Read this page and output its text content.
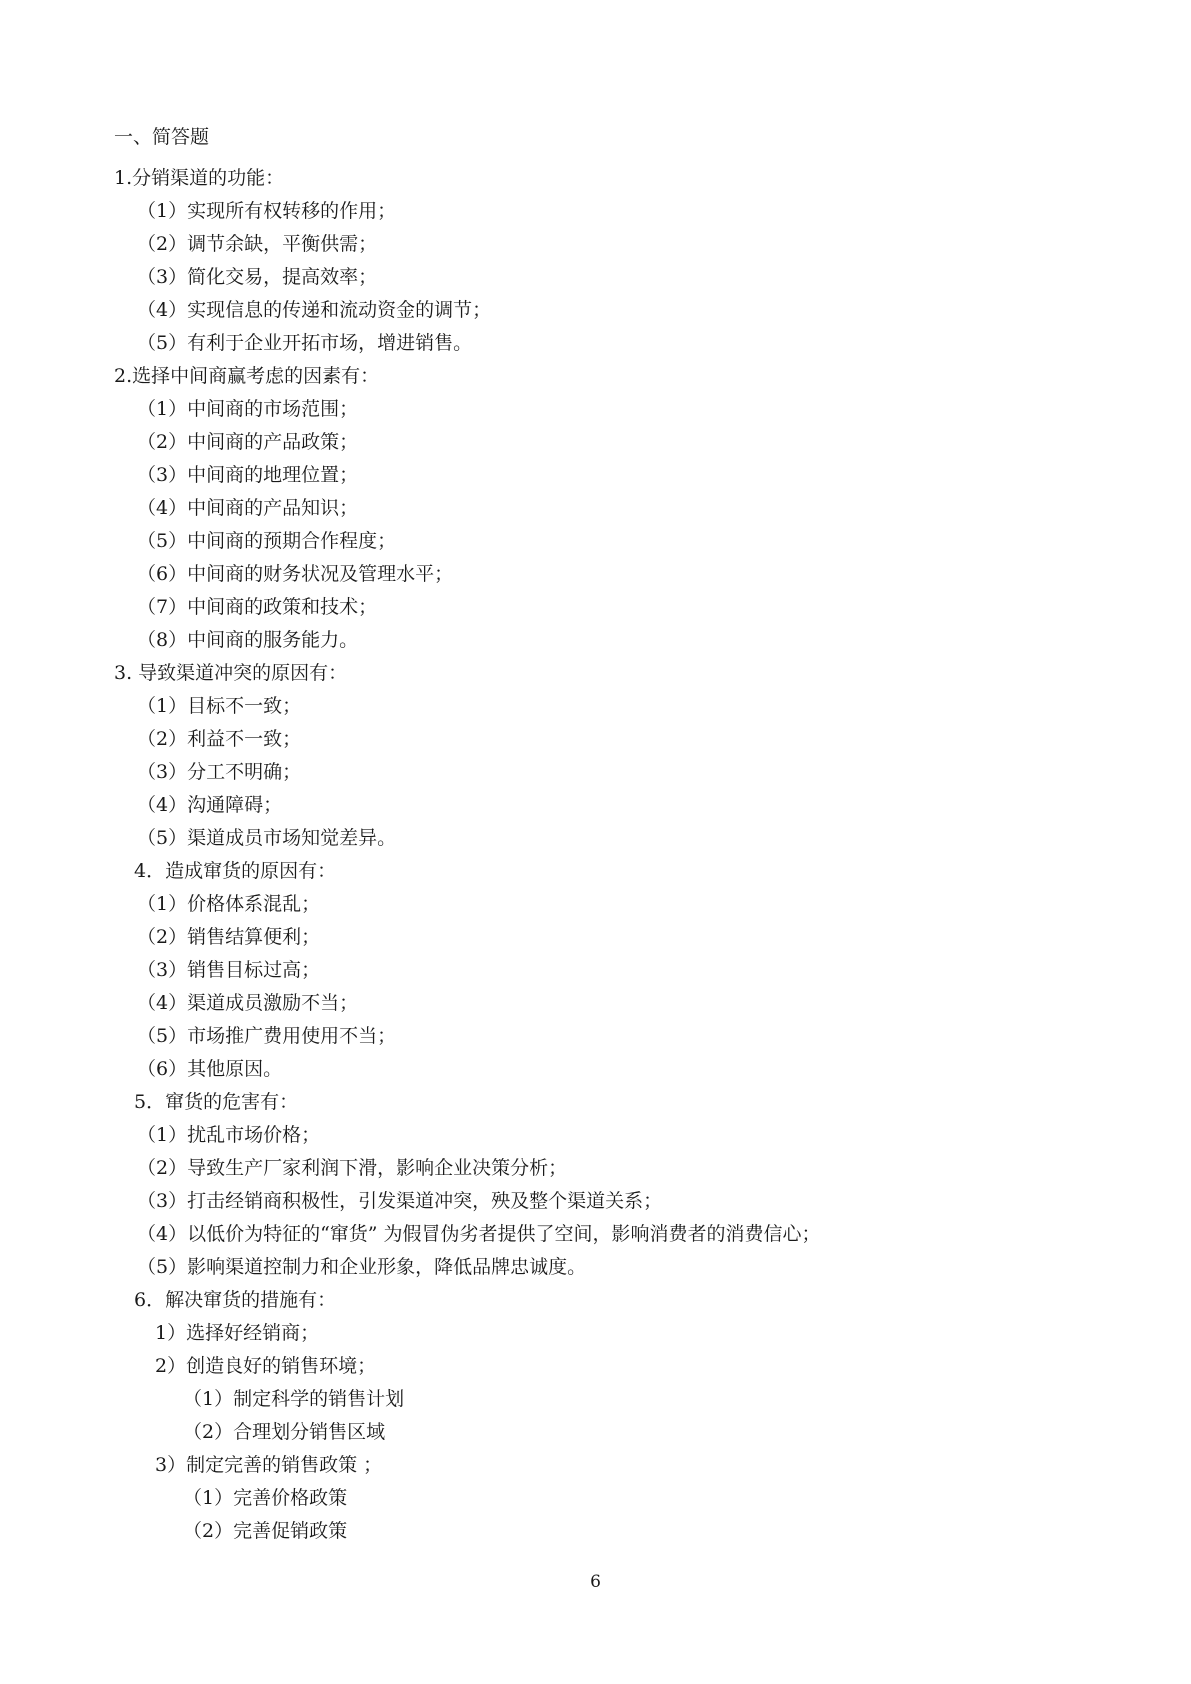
一、简答题
1.分销渠道的功能：
（1）实现所有权转移的作用；
（2）调节余缺，平衡供需；
（3）简化交易，提高效率；
（4）实现信息的传递和流动资金的调节；
（5）有利于企业开拓市场，增进销售。
2.选择中间商赢考虑的因素有：
（1）中间商的市场范围；
（2）中间商的产品政策；
（3）中间商的地理位置；
（4）中间商的产品知识；
（5）中间商的预期合作程度；
（6）中间商的财务状况及管理水平；
（7）中间商的政策和技术；
（8）中间商的服务能力。
3. 导致渠道冲突的原因有：
（1）目标不一致；
（2）利益不一致；
（3）分工不明确；
（4）沟通障碍；
（5）渠道成员市场知觉差异。
4．造成窜货的原因有：
（1）价格体系混乱；
（2）销售结算便利；
（3）销售目标过高；
（4）渠道成员激励不当；
（5）市场推广费用使用不当；
（6）其他原因。
5．窜货的危害有：
（1）扰乱市场价格；
（2）导致生产厂家利润下滑，影响企业决策分析；
（3）打击经销商积极性，引发渠道冲突，殃及整个渠道关系；
（4）以低价为特征的“窜货” 为假冒伪劣者提供了空间，影响消费者的消费信心；
（5）影响渠道控制力和企业形象，降低品牌忠诚度。
6．解决窜货的措施有：
1）选择好经销商；
2）创造良好的销售环境；
（1）制定科学的销售计划
（2）合理划分销售区域
3）制定完善的销售政策 ；
（1）完善价格政策
（2）完善促销政策
6
